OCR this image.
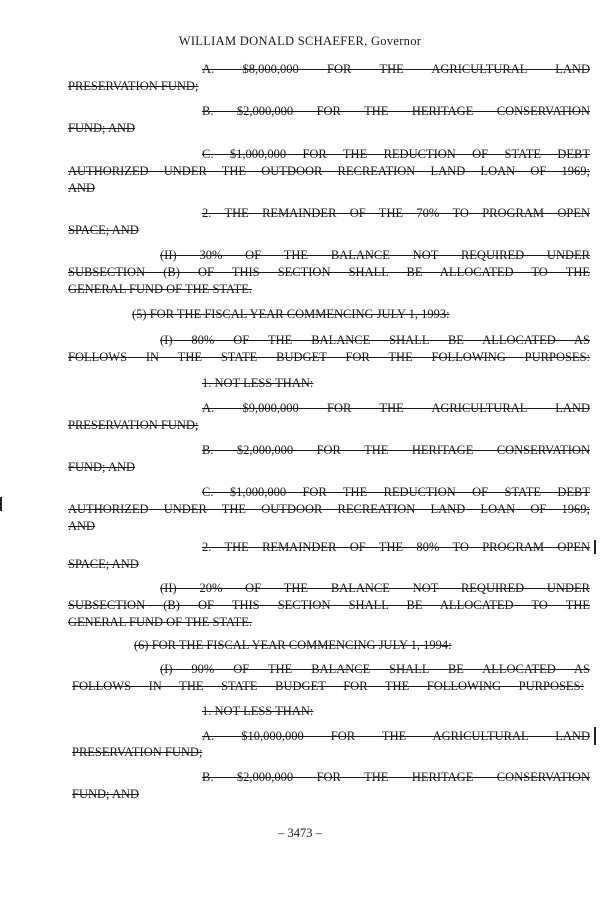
WILLIAM DONALD SCHAEFER, Governor
A. $8,000,000 FOR THE AGRICULTURAL LAND
PRESERVATION FUND;
B. $2,000,000 FOR THE HERITAGE CONSERVATION
FUND; AND
C. $1,000,000 FOR THE REDUCTION OF STATE DEBT
AUTHORIZED UNDER THE OUTDOOR RECREATION LAND LOAN OF 1969;
AND
2. THE REMAINDER OF THE 70% TO PROGRAM OPEN
SPACE; AND
(II) 30% OF THE BALANCE NOT REQUIRED UNDER
SUBSECTION (B) OF THIS SECTION SHALL BE ALLOCATED TO THE
GENERAL FUND OF THE STATE.
(5) FOR THE FISCAL YEAR COMMENCING JULY 1, 1993:
(I) 80% OF THE BALANCE SHALL BE ALLOCATED AS
FOLLOWS IN THE STATE BUDGET FOR THE FOLLOWING PURPOSES:
1. NOT LESS THAN:
A. $9,000,000 FOR THE AGRICULTURAL LAND
PRESERVATION FUND;
B. $2,000,000 FOR THE HERITAGE CONSERVATION
FUND; AND
C. $1,000,000 FOR THE REDUCTION OF STATE DEBT
AUTHORIZED UNDER THE OUTDOOR RECREATION LAND LOAN OF 1969;
AND
2. THE REMAINDER OF THE 80% TO PROGRAM OPEN
SPACE; AND
(II) 20% OF THE BALANCE NOT REQUIRED UNDER
SUBSECTION (B) OF THIS SECTION SHALL BE ALLOCATED TO THE
GENERAL FUND OF THE STATE.
(6) FOR THE FISCAL YEAR COMMENCING JULY 1, 1994:
(I) 90% OF THE BALANCE SHALL BE ALLOCATED AS
FOLLOWS IN THE STATE BUDGET FOR THE FOLLOWING PURPOSES:
1. NOT LESS THAN:
A. $10,000,000 FOR THE AGRICULTURAL LAND
PRESERVATION FUND;
B. $2,000,000 FOR THE HERITAGE CONSERVATION
FUND; AND
– 3473 –
